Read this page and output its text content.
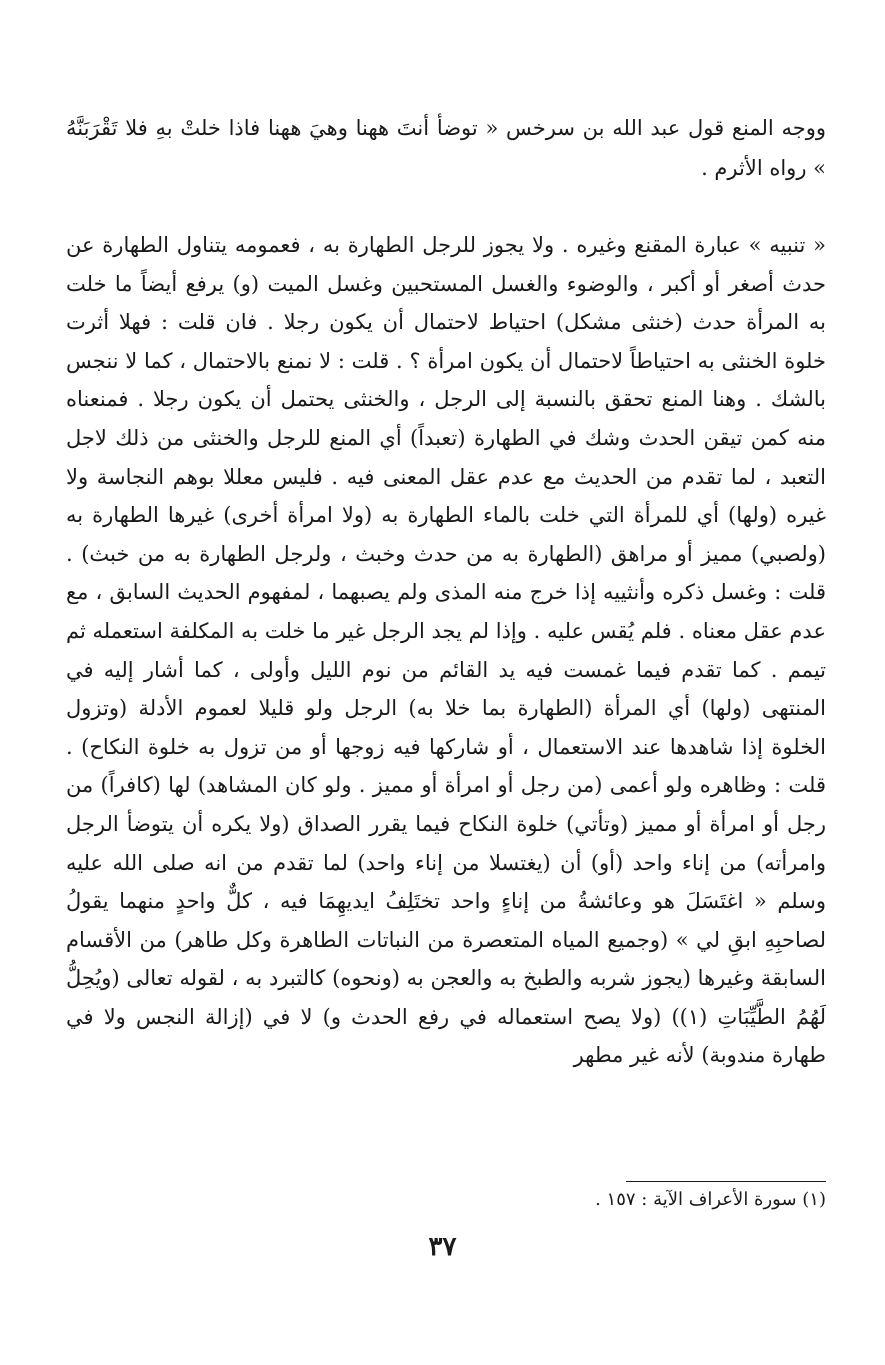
ووجه المنع قول عبد الله بن سرخس « توضأ أنتَ ههنا وهيَ ههنا فاذا خلتْ بهِ فلا تَقْرَبَنَّهُ » رواه الأثرم .

« تنبيه » عبارة المقنع وغيره . ولا يجوز للرجل الطهارة به ، فعمومه يتناول الطهارة عن حدث أصغر أو أكبر ، والوضوء والغسل المستحبين وغسل الميت (و) يرفع أيضاً ما خلت به المرأة حدث (خنثى مشكل) احتياط لاحتمال أن يكون رجلا . فان قلت : فهلا أثرت خلوة الخنثى به احتياطاً لاحتمال أن يكون امرأة ؟ . قلت : لا نمنع بالاحتمال ، كما لا ننجس بالشك . وهنا المنع تحقق بالنسبة إلى الرجل ، والخنثى يحتمل أن يكون رجلا . فمنعناه منه كمن تيقن الحدث وشك في الطهارة (تعبداً) أي المنع للرجل والخنثى من ذلك لاجل التعبد ، لما تقدم من الحديث مع عدم عقل المعنى فيه . فليس معللا بوهم النجاسة ولا غيره (ولها) أي للمرأة التي خلت بالماء الطهارة به (ولا امرأة أخرى) غيرها الطهارة به (ولصبي) مميز أو مراهق (الطهارة به من حدث وخبث ، ولرجل الطهارة به من خبث) . قلت : وغسل ذكره وأنثييه إذا خرج منه المذى ولم يصبهما ، لمفهوم الحديث السابق ، مع عدم عقل معناه . فلم يُقس عليه . وإذا لم يجد الرجل غير ما خلت به المكلفة استعمله ثم تيمم . كما تقدم فيما غمست فيه يد القائم من نوم الليل وأولى ، كما أشار إليه في المنتهى (ولها) أي المرأة (الطهارة بما خلا به) الرجل ولو قليلا لعموم الأدلة (وتزول الخلوة إذا شاهدها عند الاستعمال ، أو شاركها فيه زوجها أو من تزول به خلوة النكاح) . قلت : وظاهره ولو أعمى (من رجل أو امرأة أو مميز . ولو كان المشاهد) لها (كافراً) من رجل أو امرأة أو مميز (وتأتي) خلوة النكاح فيما يقرر الصداق (ولا يكره أن يتوضأ الرجل وامرأته) من إناء واحد (أو) أن (يغتسلا من إناء واحد) لما تقدم من انه صلى الله عليه وسلم « اغتَسَلَ هو وعائشةُ من إناءٍ واحد تختَلِفُ ايديهِمَا فيه ، كلٌّ واحدٍ منهما يقولُ لصاحبِهِ ابقِ لي » (وجميع المياه المتعصرة من النباتات الطاهرة وكل طاهر) من الأقسام السابقة وغيرها (يجوز شربه والطبخ به والعجن به (ونحوه) كالتبرد به ، لقوله تعالى (ويُحِلُّ لَهُمُ الطَّيِّبَاتِ (١)) (ولا يصح استعماله في رفع الحدث و) لا في (إزالة النجس ولا في طهارة مندوبة) لأنه غير مطهر

(١) سورة الأعراف الآية : ١٥٧ .
٣٧
